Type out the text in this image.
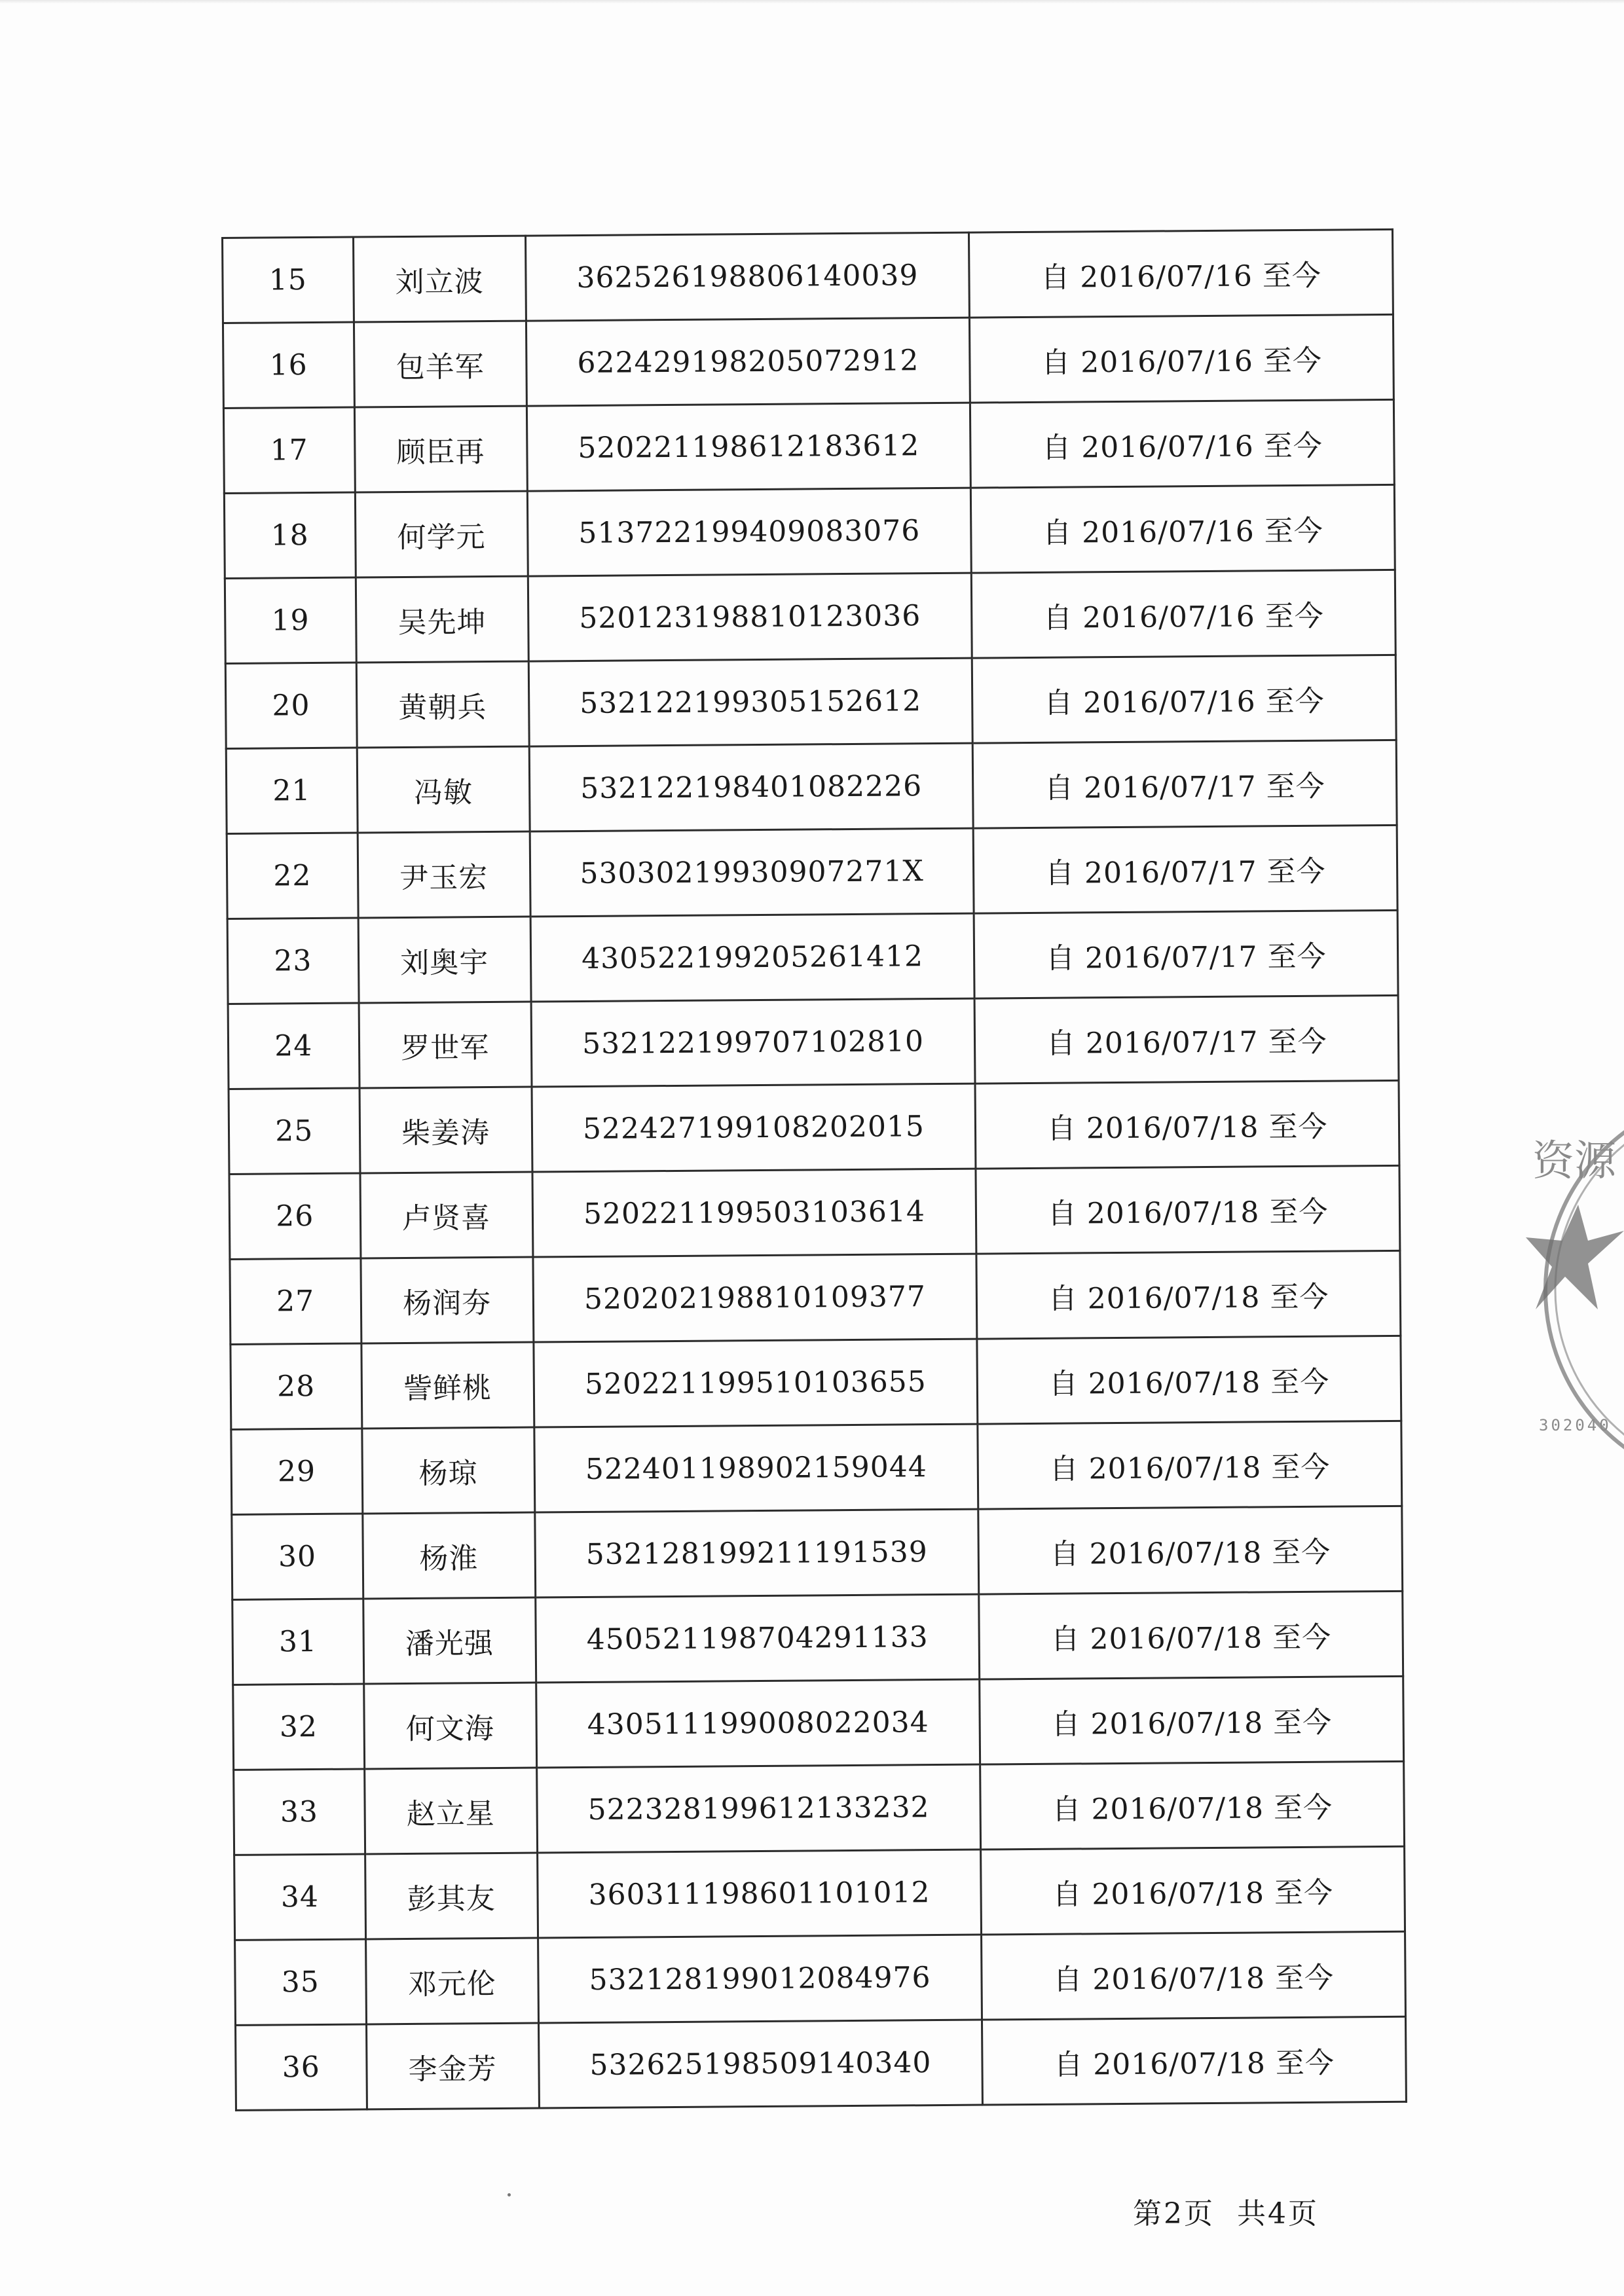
15	刘立波	362526198806140039	自 2016/07/16 至今
16	包羊军	622429198205072912	自 2016/07/16 至今
17	顾臣再	520221198612183612	自 2016/07/16 至今
18	何学元	513722199409083076	自 2016/07/16 至今
19	吴先坤	520123198810123036	自 2016/07/16 至今
20	黄朝兵	532122199305152612	自 2016/07/16 至今
21	冯敏	532122198401082226	自 2016/07/17 至今
22	尹玉宏	53030219930907271X	自 2016/07/17 至今
23	刘奥宇	430522199205261412	自 2016/07/17 至今
24	罗世军	532122199707102810	自 2016/07/17 至今
25	柴姜涛	522427199108202015	自 2016/07/18 至今
26	卢贤喜	520221199503103614	自 2016/07/18 至今
27	杨润夯	520202198810109377	自 2016/07/18 至今
28	訾鲜桃	520221199510103655	自 2016/07/18 至今
29	杨琼	522401198902159044	自 2016/07/18 至今
30	杨淮	532128199211191539	自 2016/07/18 至今
31	潘光强	450521198704291133	自 2016/07/18 至今
32	何文海	430511199008022034	自 2016/07/18 至今
33	赵立星	522328199612133232	自 2016/07/18 至今
34	彭其友	360311198601101012	自 2016/07/18 至今
35	邓元伦	532128199012084976	自 2016/07/18 至今
36	李金芳	532625198509140340	自 2016/07/18 至今
第2页  共4页
资源
302040
